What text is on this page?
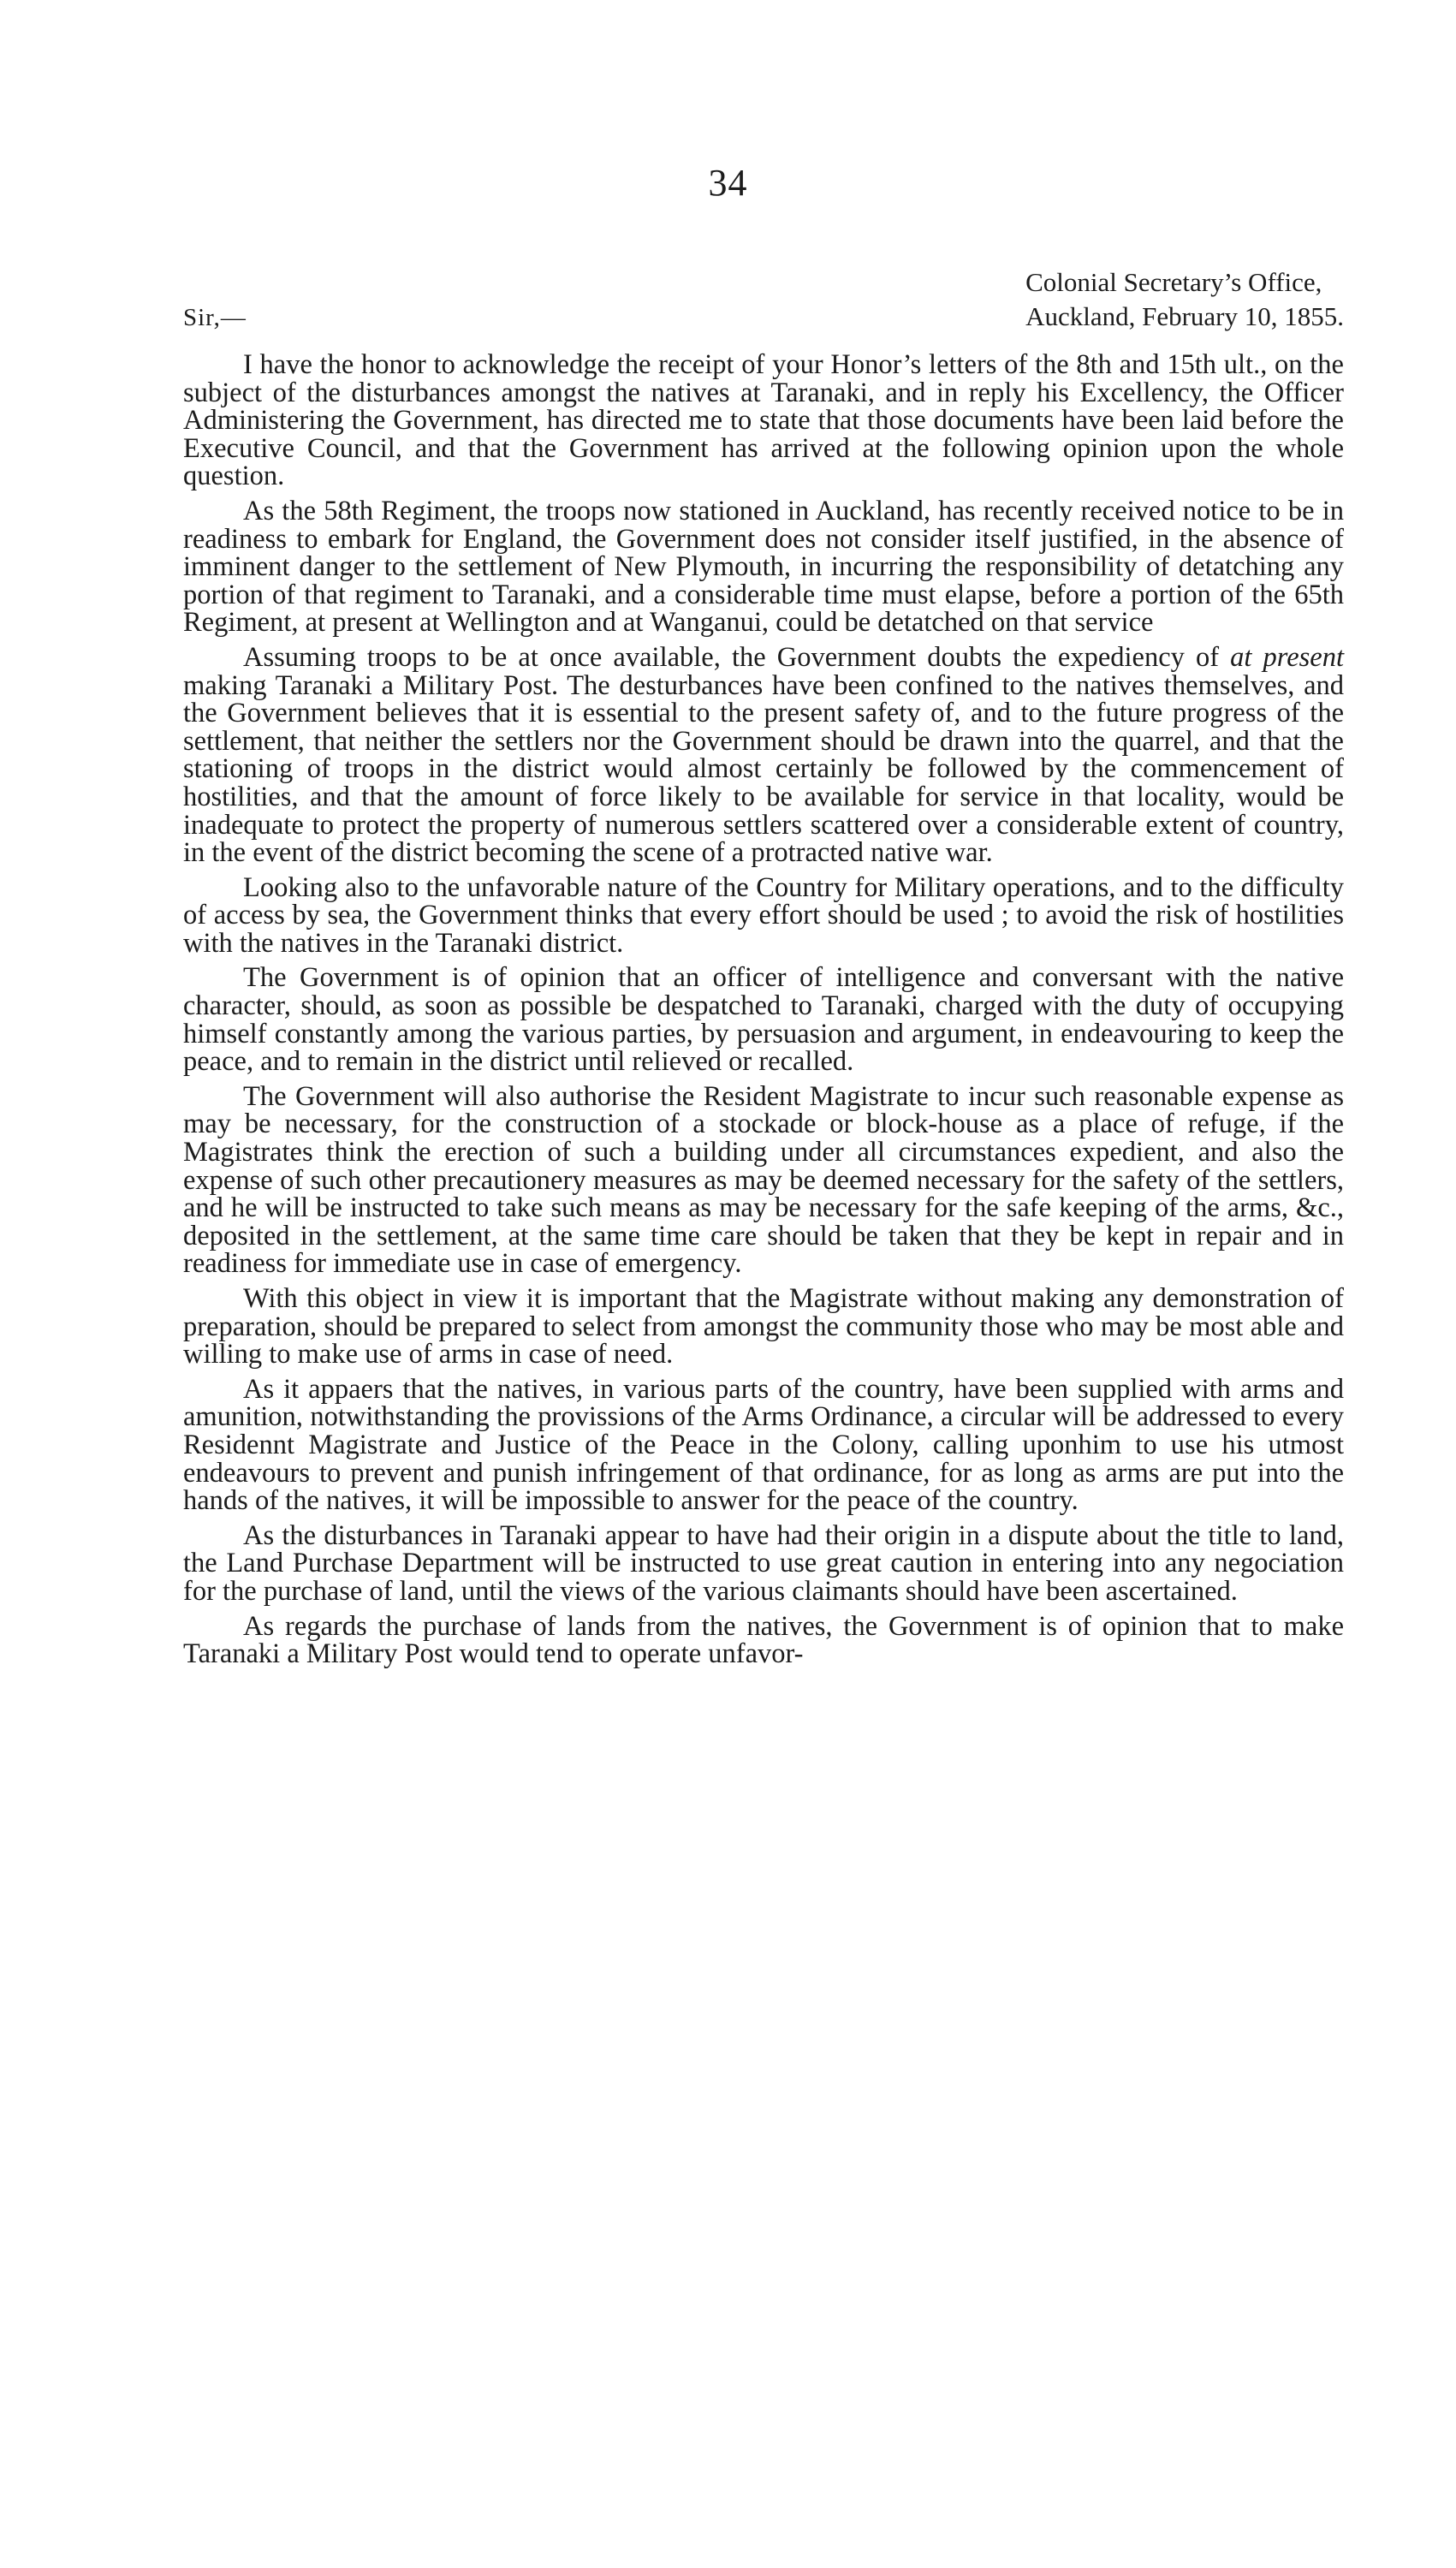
34
Colonial Secretary’s Office,
Auckland, February 10, 1855.
Sir,—

I have the honor to acknowledge the receipt of your Honor’s letters of the 8th and 15th ult., on the subject of the disturbances amongst the natives at Taranaki, and in reply his Excellency, the Officer Administering the Government, has directed me to state that those documents have been laid before the Executive Council, and that the Government has arrived at the following opinion upon the whole question.

As the 58th Regiment, the troops now stationed in Auckland, has recently received notice to be in readiness to embark for England, the Government does not consider itself justified, in the absence of imminent danger to the settlement of New Plymouth, in incurring the responsibility of detatching any portion of that regiment to Taranaki, and a considerable time must elapse, before a portion of the 65th Regiment, at present at Wellington and at Wanganui, could be detatched on that service

Assuming troops to be at once available, the Government doubts the expediency of at present making Taranaki a Military Post. The desturbances have been confined to the natives themselves, and the Government believes that it is essential to the present safety of, and to the future progress of the settlement, that neither the settlers nor the Government should be drawn into the quarrel, and that the stationing of troops in the district would almost certainly be followed by the commencement of hostilities, and that the amount of force likely to be available for service in that locality, would be inadequate to protect the property of numerous settlers scattered over a considerable extent of country, in the event of the district becoming the scene of a protracted native war.

Looking also to the unfavorable nature of the Country for Military operations, and to the difficulty of access by sea, the Government thinks that every effort should be used ; to avoid the risk of hostilities with the natives in the Taranaki district.

The Government is of opinion that an officer of intelligence and conversant with the native character, should, as soon as possible be despatched to Taranaki, charged with the duty of occupying himself constantly among the various parties, by persuasion and argument, in endeavouring to keep the peace, and to remain in the district until relieved or recalled.

The Government will also authorise the Resident Magistrate to incur such reasonable expense as may be necessary, for the construction of a stockade or block-house as a place of refuge, if the Magistrates think the erection of such a building under all circumstances expedient, and also the expense of such other precautionery measures as may be deemed necessary for the safety of the settlers, and he will be instructed to take such means as may be necessary for the safe keeping of the arms, &c., deposited in the settlement, at the same time care should be taken that they be kept in repair and in readiness for immediate use in case of emergency.

With this object in view it is important that the Magistrate without making any demonstration of preparation, should be prepared to select from amongst the community those who may be most able and willing to make use of arms in case of need.

As it appaers that the natives, in various parts of the country, have been supplied with arms and amunition, notwithstanding the provissions of the Arms Ordinance, a circular will be addressed to every Residennt Magistrate and Justice of the Peace in the Colony, calling uponhim to use his utmost endeavours to prevent and punish infringement of that ordinance, for as long as arms are put into the hands of the natives, it will be impossible to answer for the peace of the country.

As the disturbances in Taranaki appear to have had their origin in a dispute about the title to land, the Land Purchase Department will be instructed to use great caution in entering into any negociation for the purchase of land, until the views of the various claimants should have been ascertained.

As regards the purchase of lands from the natives, the Government is of opinion that to make Taranaki a Military Post would tend to operate unfavor-
